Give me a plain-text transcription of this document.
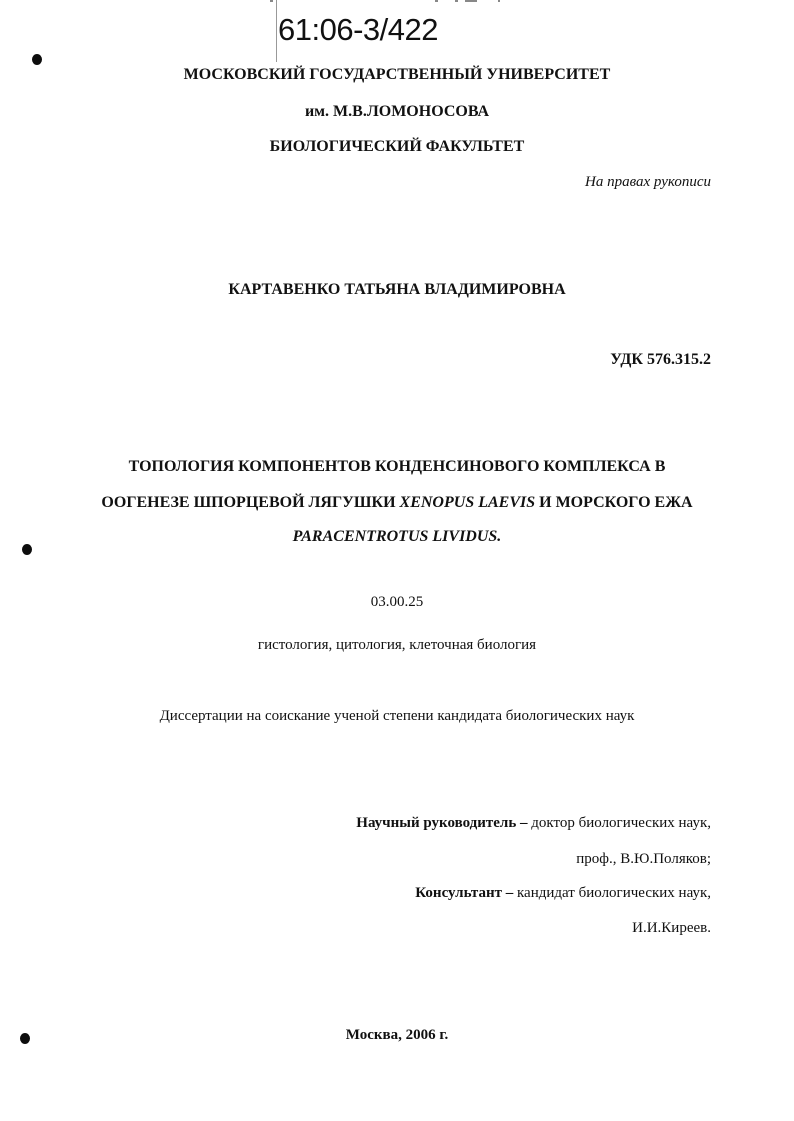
61:06-3/422
МОСКОВСКИЙ ГОСУДАРСТВЕННЫЙ УНИВЕРСИТЕТ
им. М.В.ЛОМОНОСОВА
БИОЛОГИЧЕСКИЙ ФАКУЛЬТЕТ
На правах рукописи
КАРТАВЕНКО ТАТЬЯНА ВЛАДИМИРОВНА
УДК 576.315.2
ТОПОЛОГИЯ КОМПОНЕНТОВ КОНДЕНСИНОВОГО КОМПЛЕКСА В
ООГЕНЕЗЕ ШПОРЦЕВОЙ ЛЯГУШКИ XENOPUS LAEVIS И МОРСКОГО ЕЖА
PARACENTROTUS LIVIDUS.
03.00.25
гистология, цитология, клеточная биология
Диссертации на соискание ученой степени кандидата биологических наук
Научный руководитель – доктор биологических наук,
проф., В.Ю.Поляков;
Консультант – кандидат биологических наук,
И.И.Киреев.
Москва, 2006 г.
